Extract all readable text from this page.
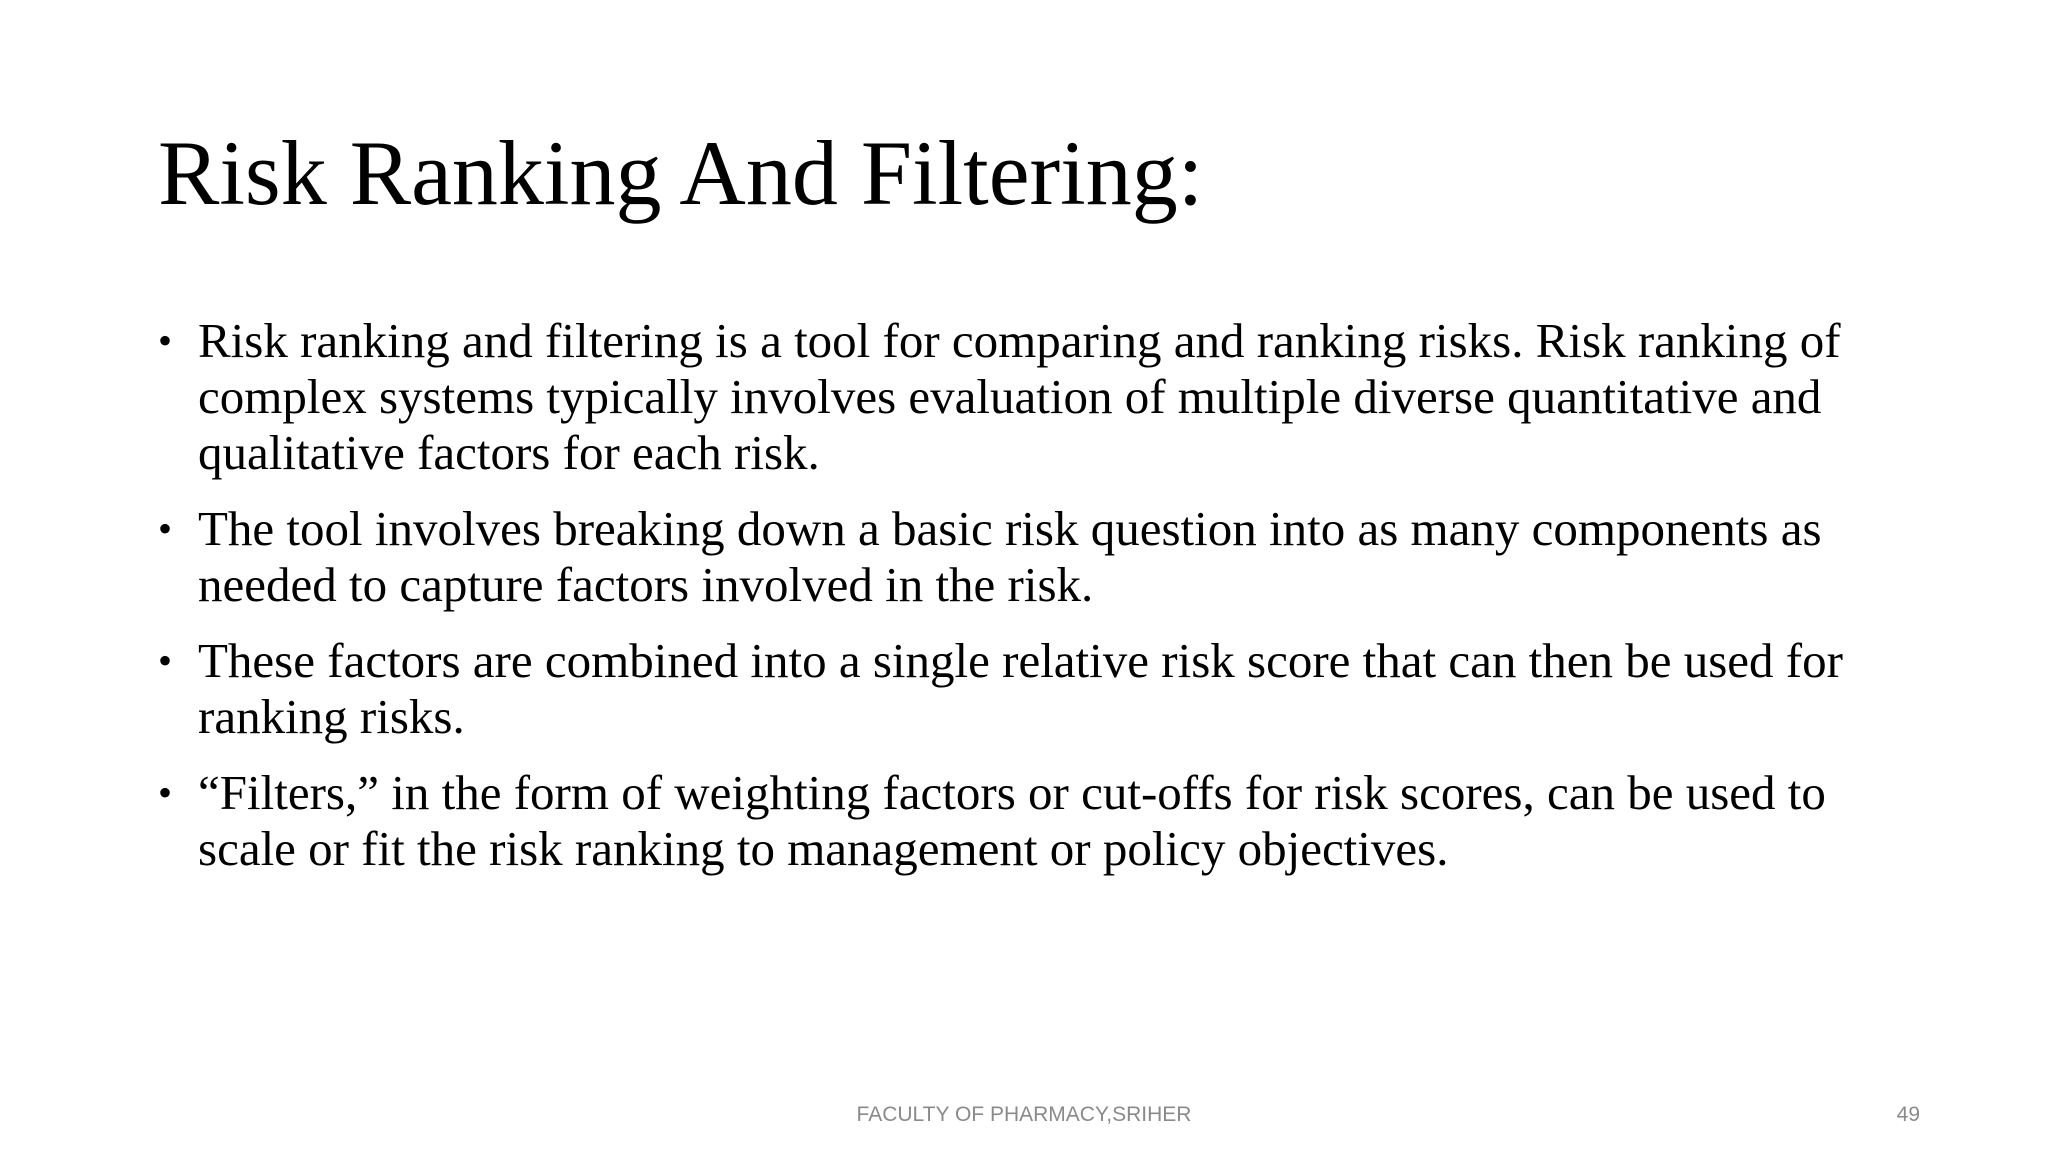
Risk Ranking And Filtering:
• Risk ranking and filtering is a tool for comparing and ranking risks. Risk ranking of complex systems typically involves evaluation of multiple diverse quantitative and qualitative factors for each risk.
• The tool involves breaking down a basic risk question into as many components as needed to capture factors involved in the risk.
• These factors are combined into a single relative risk score that can then be used for ranking risks.
• “Filters,” in the form of weighting factors or cut-offs for risk scores, can be used to scale or fit the risk ranking to management or policy objectives.
FACULTY OF PHARMACY,SRIHER	49
